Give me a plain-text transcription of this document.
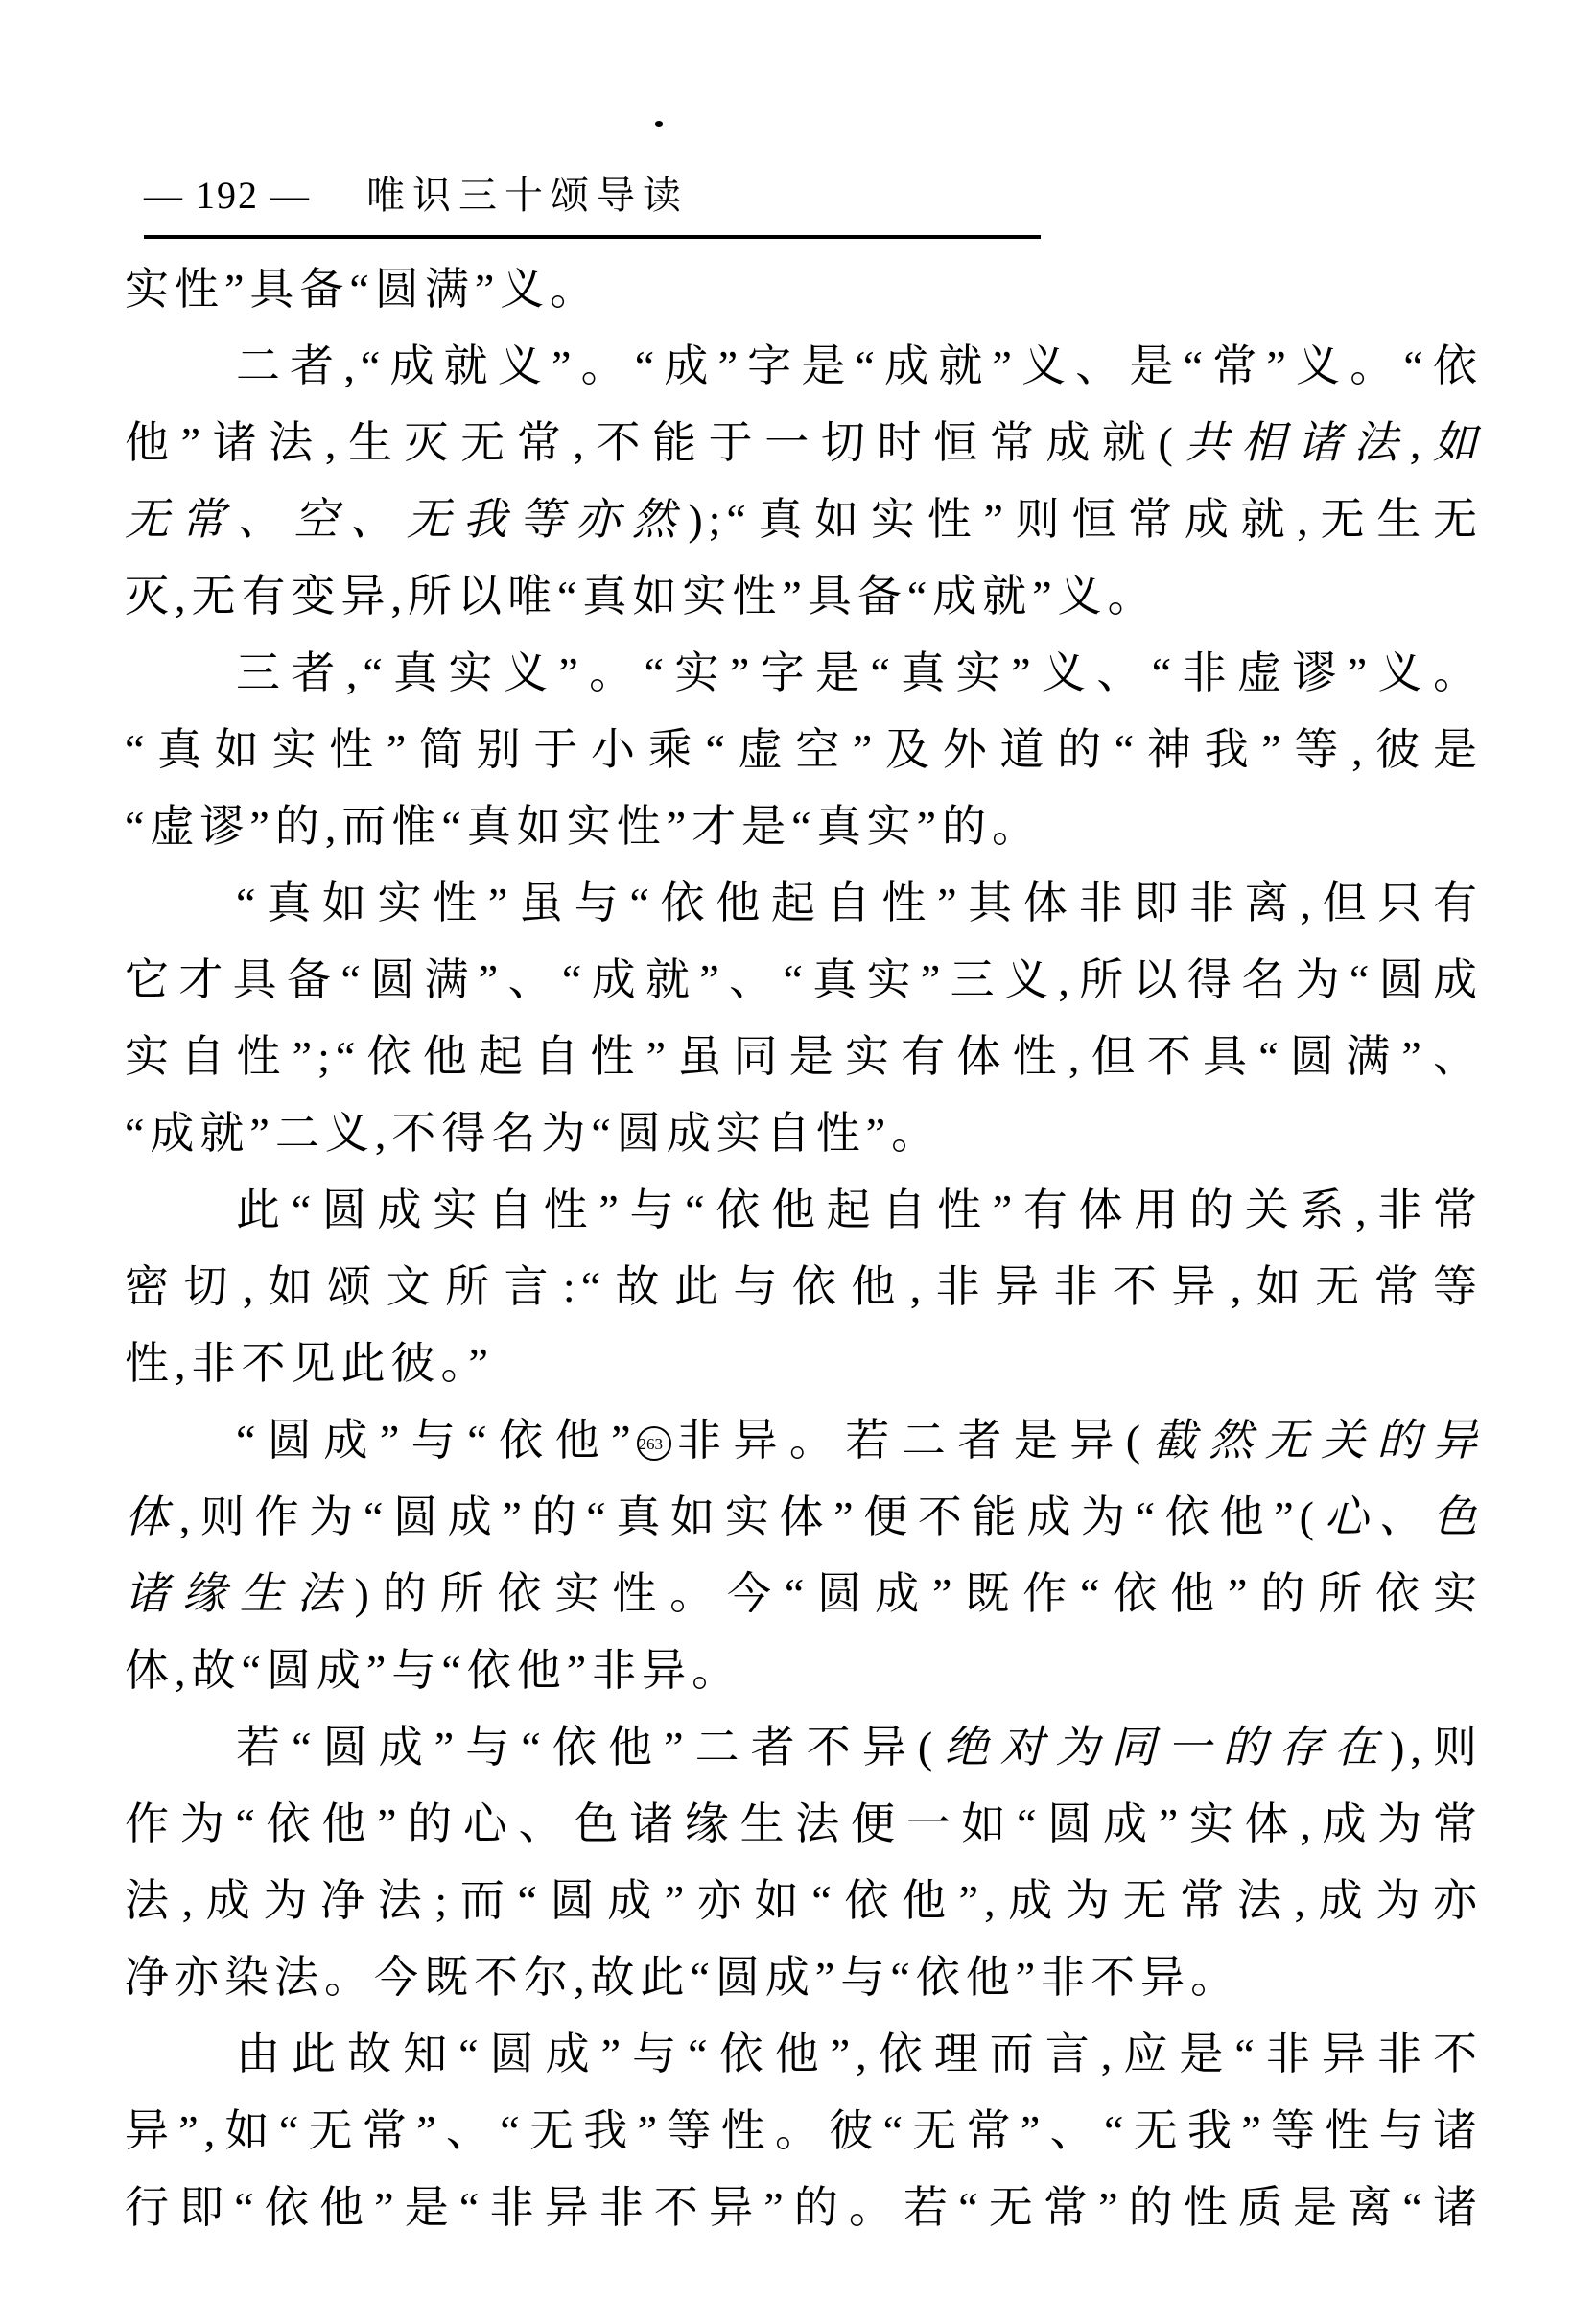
— 192 — 唯识三十颂导读
实性”具备“圆满”义。
二者,“成就义”。“成”字是“成就”义、是“常”义。“依
他”诸法,生灭无常,不能于一切时恒常成就(共相诸法,如
无常、空、无我等亦然);“真如实性”则恒常成就,无生无
灭,无有变异,所以唯“真如实性”具备“成就”义。
三者,“真实义”。“实”字是“真实”义、“非虚谬”义。
“真如实性”简别于小乘“虚空”及外道的“神我”等,彼是
“虚谬”的,而惟“真如实性”才是“真实”的。
“真如实性”虽与“依他起自性”其体非即非离,但只有
它才具备“圆满”、“成就”、“真实”三义,所以得名为“圆成
实自性”;“依他起自性”虽同是实有体性,但不具“圆满”、
“成就”二义,不得名为“圆成实自性”。
此“圆成实自性”与“依他起自性”有体用的关系,非常
密切,如颂文所言:“故此与依他,非异非不异,如无常等
性,非不见此彼。”
“圆成”与“依他” 263 非异。若二者是异(截然无关的异
体,则作为“圆成”的“真如实体”便不能成为“依他”(心、色
诸缘生法)的所依实性。今“圆成”既作“依他”的所依实
体,故“圆成”与“依他”非异。
若“圆成”与“依他”二者不异(绝对为同一的存在),则
作为“依他”的心、色诸缘生法便一如“圆成”实体,成为常
法,成为净法;而“圆成”亦如“依他”,成为无常法,成为亦
净亦染法。今既不尔,故此“圆成”与“依他”非不异。
由此故知“圆成”与“依他”,依理而言,应是“非异非不
异”,如“无常”、“无我”等性。彼“无常”、“无我”等性与诸
行即“依他”是“非异非不异”的。若“无常”的性质是离“诸
